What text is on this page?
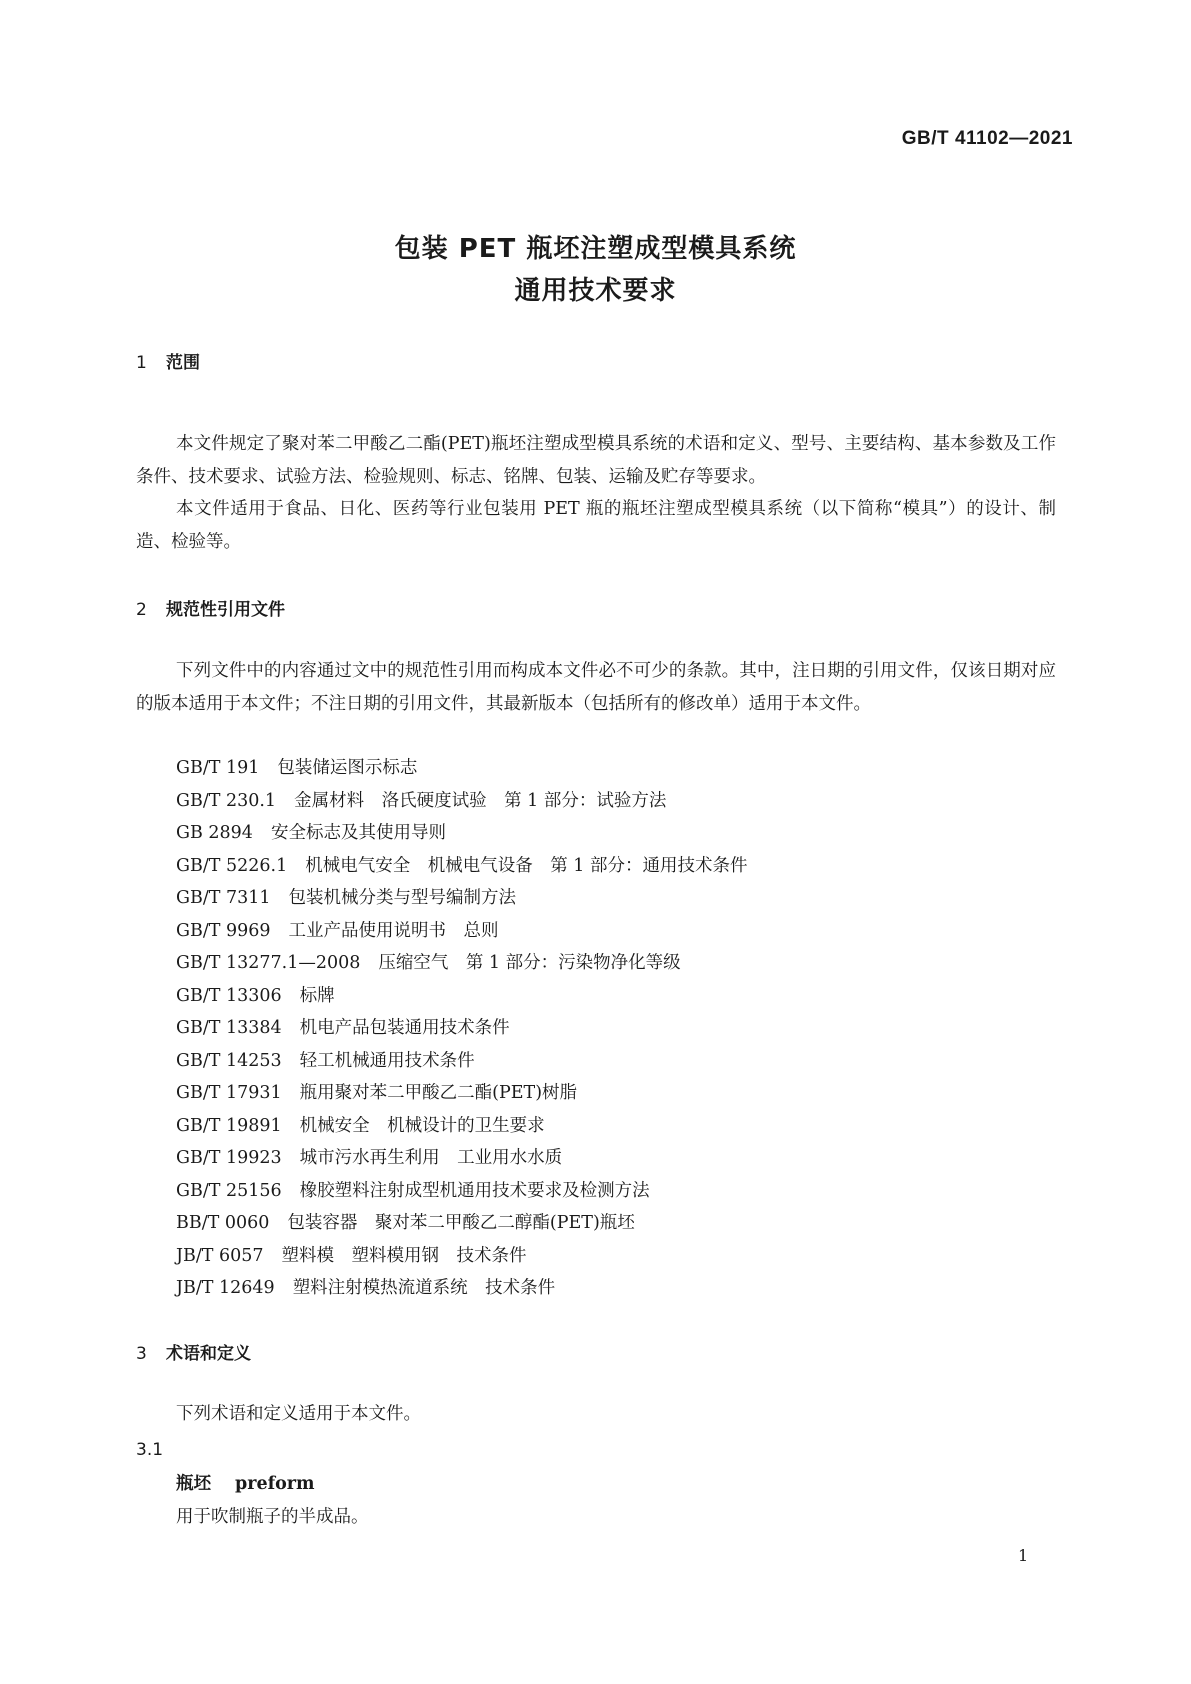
GB/T 41102—2021
包装 PET 瓶坯注塑成型模具系统
通用技术要求
1 范围
本文件规定了聚对苯二甲酸乙二酯(PET)瓶坯注塑成型模具系统的术语和定义、型号、主要结构、基本参数及工作条件、技术要求、试验方法、检验规则、标志、铭牌、包装、运输及贮存等要求。
本文件适用于食品、日化、医药等行业包装用 PET 瓶的瓶坯注塑成型模具系统（以下简称“模具”）的设计、制造、检验等。
2 规范性引用文件
下列文件中的内容通过文中的规范性引用而构成本文件必不可少的条款。其中，注日期的引用文件，仅该日期对应的版本适用于本文件；不注日期的引用文件，其最新版本（包括所有的修改单）适用于本文件。
GB/T 191 包装储运图示标志
GB/T 230.1 金属材料　洛氏硬度试验　第 1 部分：试验方法
GB 2894 安全标志及其使用导则
GB/T 5226.1 机械电气安全　机械电气设备　第 1 部分：通用技术条件
GB/T 7311 包装机械分类与型号编制方法
GB/T 9969 工业产品使用说明书　总则
GB/T 13277.1—2008 压缩空气　第 1 部分：污染物净化等级
GB/T 13306 标牌
GB/T 13384 机电产品包装通用技术条件
GB/T 14253 轻工机械通用技术条件
GB/T 17931 瓶用聚对苯二甲酸乙二酯(PET)树脂
GB/T 19891 机械安全　机械设计的卫生要求
GB/T 19923 城市污水再生利用　工业用水水质
GB/T 25156 橡胶塑料注射成型机通用技术要求及检测方法
BB/T 0060 包装容器　聚对苯二甲酸乙二醇酯(PET)瓶坯
JB/T 6057 塑料模　塑料模用钢　技术条件
JB/T 12649 塑料注射模热流道系统　技术条件
3 术语和定义
下列术语和定义适用于本文件。
3.1
瓶坯 preform
用于吹制瓶子的半成品。
1
